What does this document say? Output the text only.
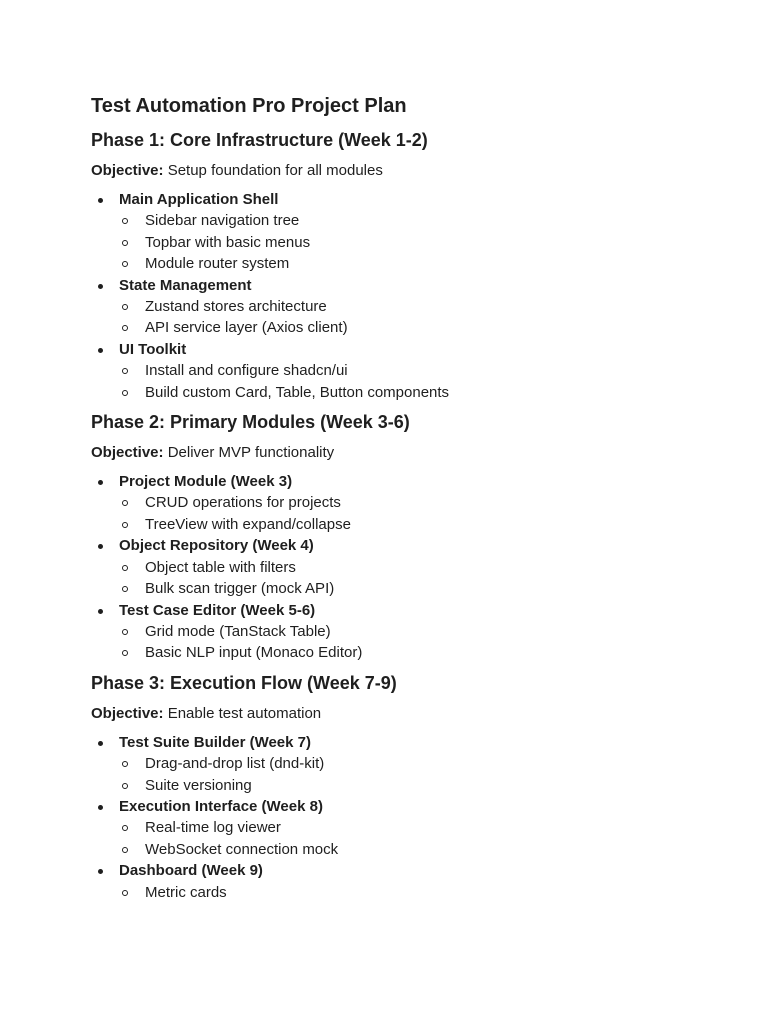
Test Automation Pro Project Plan
Phase 1: Core Infrastructure (Week 1-2)

Objective: Setup foundation for all modules

Main Application Shell
Sidebar navigation tree
Topbar with basic menus
Module router system
State Management
Zustand stores architecture
API service layer (Axios client)
UI Toolkit
Install and configure shadcn/ui
Build custom Card, Table, Button components
Phase 2: Primary Modules (Week 3-6)

Objective: Deliver MVP functionality

Project Module (Week 3)
CRUD operations for projects
TreeView with expand/collapse
Object Repository (Week 4)
Object table with filters
Bulk scan trigger (mock API)
Test Case Editor (Week 5-6)
Grid mode (TanStack Table)
Basic NLP input (Monaco Editor)
Phase 3: Execution Flow (Week 7-9)

Objective: Enable test automation

Test Suite Builder (Week 7)
Drag-and-drop list (dnd-kit)
Suite versioning
Execution Interface (Week 8)
Real-time log viewer
WebSocket connection mock
Dashboard (Week 9)
Metric cards
